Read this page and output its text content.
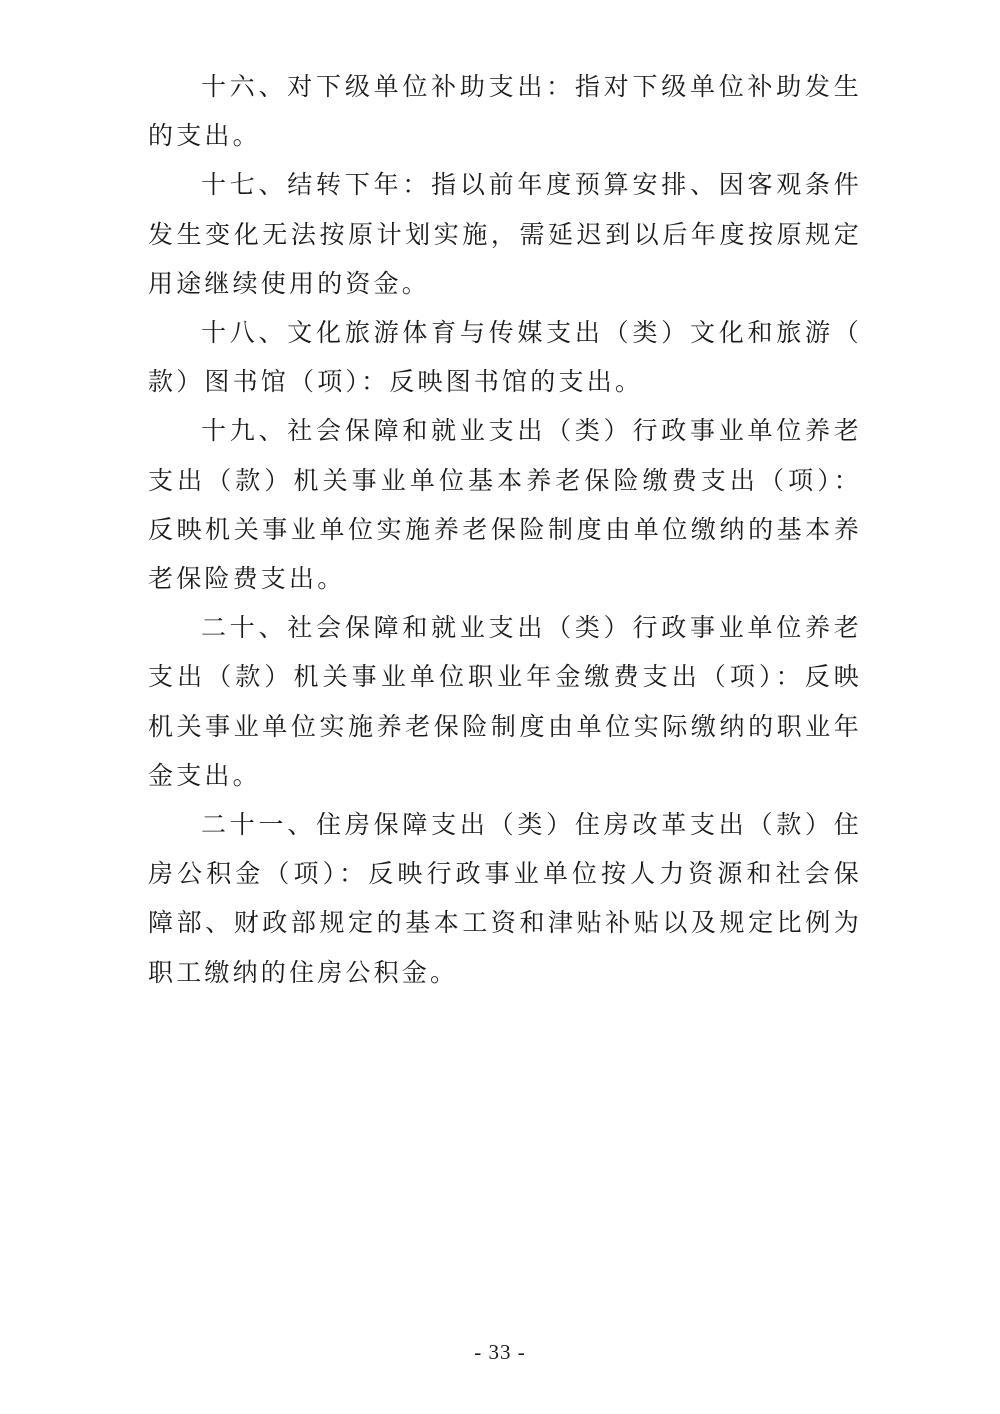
十六、对下级单位补助支出：指对下级单位补助发生的支出。

十七、结转下年：指以前年度预算安排、因客观条件发生变化无法按原计划实施，需延迟到以后年度按原规定用途继续使用的资金。

十八、文化旅游体育与传媒支出（类）文化和旅游（款）图书馆（项）：反映图书馆的支出。

十九、社会保障和就业支出（类）行政事业单位养老支出（款）机关事业单位基本养老保险缴费支出（项）：反映机关事业单位实施养老保险制度由单位缴纳的基本养老保险费支出。

二十、社会保障和就业支出（类）行政事业单位养老支出（款）机关事业单位职业年金缴费支出（项）：反映机关事业单位实施养老保险制度由单位实际缴纳的职业年金支出。

二十一、住房保障支出（类）住房改革支出（款）住房公积金（项）：反映行政事业单位按人力资源和社会保障部、财政部规定的基本工资和津贴补贴以及规定比例为职工缴纳的住房公积金。

- 33 -
